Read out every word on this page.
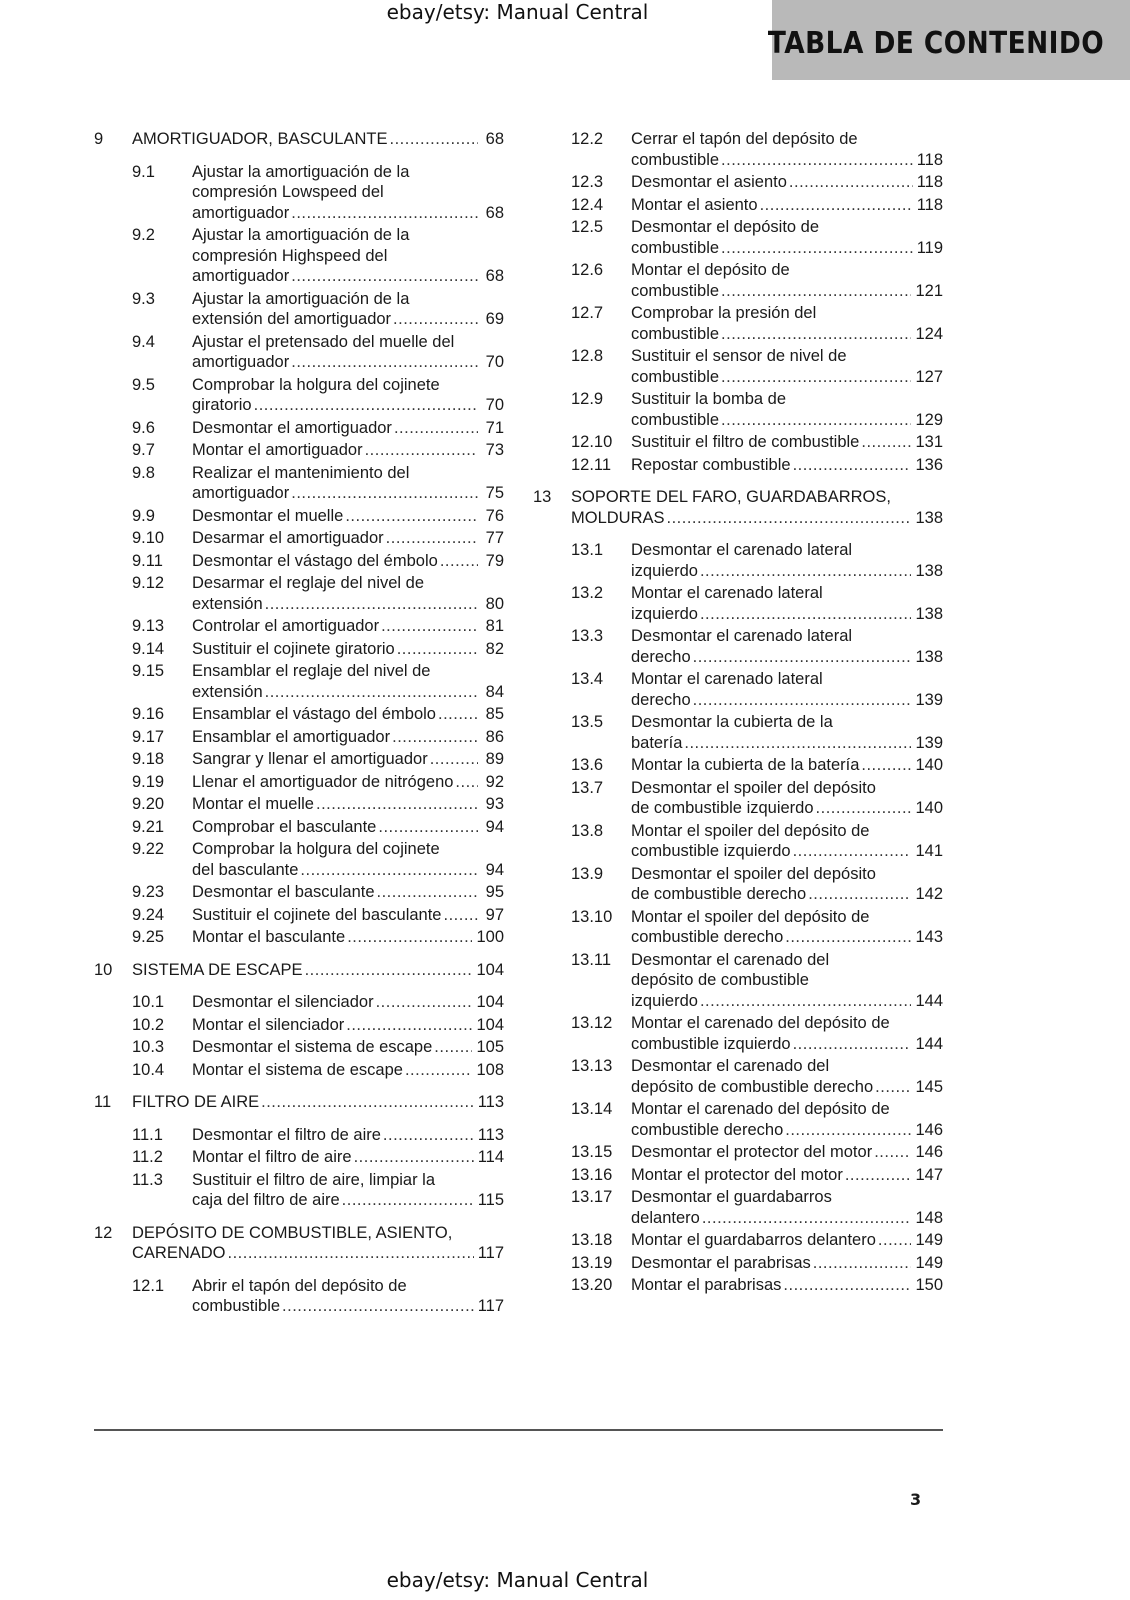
ebay/etsy: Manual Central
TABLA DE CONTENIDO
9 AMORTIGUADOR, BASCULANTE .....	68
9.1 Ajustar la amortiguación de la
compresión Lowspeed del
amortiguador .....	68
9.2 Ajustar la amortiguación de la
compresión Highspeed del
amortiguador .....	68
9.3 Ajustar la amortiguación de la
extensión del amortiguador .....	69
9.4 Ajustar el pretensado del muelle del
amortiguador .....	70
9.5 Comprobar la holgura del cojinete
giratorio .....	70
9.6 Desmontar el amortiguador .....	71
9.7 Montar el amortiguador .....	73
9.8 Realizar el mantenimiento del
amortiguador .....	75
9.9 Desmontar el muelle .....	76
9.10 Desarmar el amortiguador .....	77
9.11 Desmontar el vástago del émbolo .....	79
9.12 Desarmar el reglaje del nivel de
extensión .....	80
9.13 Controlar el amortiguador .....	81
9.14 Sustituir el cojinete giratorio .....	82
9.15 Ensamblar el reglaje del nivel de
extensión .....	84
9.16 Ensamblar el vástago del émbolo .....	85
9.17 Ensamblar el amortiguador .....	86
9.18 Sangrar y llenar el amortiguador .....	89
9.19 Llenar el amortiguador de nitrógeno ..... 92
9.20 Montar el muelle .....	93
9.21 Comprobar el basculante .....	94
9.22 Comprobar la holgura del cojinete
del basculante .....	94
9.23 Desmontar el basculante .....	95
9.24 Sustituir el cojinete del basculante .....	97
9.25 Montar el basculante .....	100
10 SISTEMA DE ESCAPE .....	104
10.1 Desmontar el silenciador .....	104
10.2 Montar el silenciador .....	104
10.3 Desmontar el sistema de escape .....	105
10.4 Montar el sistema de escape .....	108
11 FILTRO DE AIRE .....	113
11.1 Desmontar el filtro de aire .....	113
11.2 Montar el filtro de aire .....	114
11.3 Sustituir el filtro de aire, limpiar la
caja del filtro de aire .....	115
12 DEPÓSITO DE COMBUSTIBLE, ASIENTO,
CARENADO .....	117
12.1 Abrir el tapón del depósito de
combustible .....	117
12.2 Cerrar el tapón del depósito de
combustible .....	118
12.3 Desmontar el asiento .....	118
12.4 Montar el asiento .....	118
12.5 Desmontar el depósito de
combustible .....	119
12.6 Montar el depósito de
combustible .....	121
12.7 Comprobar la presión del
combustible .....	124
12.8 Sustituir el sensor de nivel de
combustible .....	127
12.9 Sustituir la bomba de
combustible .....	129
12.10 Sustituir el filtro de combustible .....	131
12.11 Repostar combustible .....	136
13 SOPORTE DEL FARO, GUARDABARROS,
MOLDURAS .....	138
13.1 Desmontar el carenado lateral
izquierdo .....	138
13.2 Montar el carenado lateral
izquierdo .....	138
13.3 Desmontar el carenado lateral
derecho .....	138
13.4 Montar el carenado lateral
derecho .....	139
13.5 Desmontar la cubierta de la
batería .....	139
13.6 Montar la cubierta de la batería .....	140
13.7 Desmontar el spoiler del depósito
de combustible izquierdo .....	140
13.8 Montar el spoiler del depósito de
combustible izquierdo .....	141
13.9 Desmontar el spoiler del depósito
de combustible derecho .....	142
13.10 Montar el spoiler del depósito de
combustible derecho .....	143
13.11 Desmontar el carenado del
depósito de combustible
izquierdo .....	144
13.12 Montar el carenado del depósito de
combustible izquierdo .....	144
13.13 Desmontar el carenado del
depósito de combustible derecho .....	145
13.14 Montar el carenado del depósito de
combustible derecho .....	146
13.15 Desmontar el protector del motor .....	146
13.16 Montar el protector del motor .....	147
13.17 Desmontar el guardabarros
delantero .....	148
13.18 Montar el guardabarros delantero ..... 149
13.19 Desmontar el parabrisas .....	149
13.20 Montar el parabrisas .....	150
3
ebay/etsy: Manual Central
